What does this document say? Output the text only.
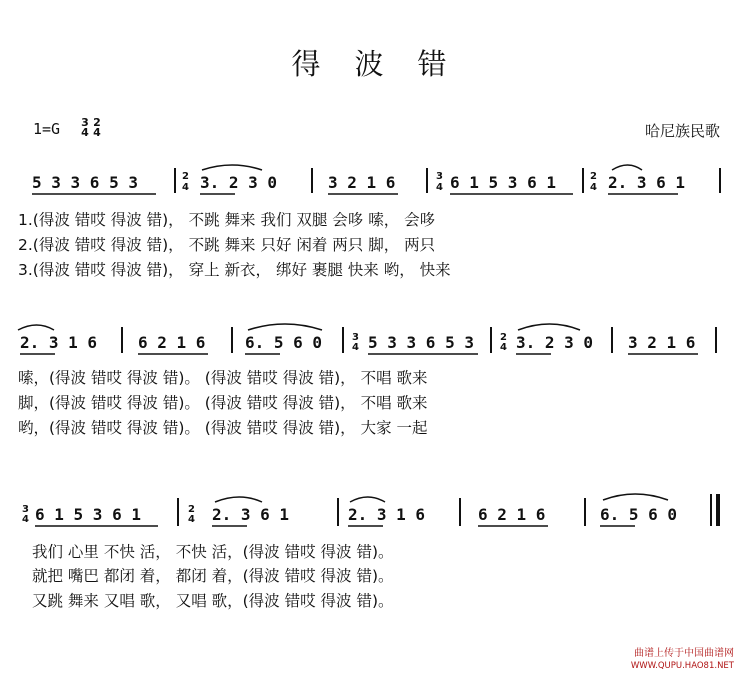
得波错
1=G 3
4
2
4	哈尼族民歌
5 3 3 6 5 3	3. 2 3 0	3 2 1 6	6 1 5 3 6 1	2. 3 6 1
2. 3 1 6	6 2 1 6 6. 5 6 0	5 3 3 6 5 3	3. 2 3 0 3 2 1 6
6 1 5 3 6 1	2. 3 6 1	2. 3 1 6	6 2 1 6	6. 5 6 0
2
4
3
4
2
4
3
4
2
4
3
4
2
4
1.(得波 错哎 得波 错)， 不跳 舞来 我们 双腿 会哆 嗦， 会哆
2.(得波 错哎 得波 错)， 不跳 舞来 只好 闲着 两只 脚， 两只
3.(得波 错哎 得波 错)， 穿上 新衣， 绑好 裹腿 快来 哟， 快来
嗦，(得波 错哎 得波 错)。 (得波 错哎 得波 错)， 不唱 歌来
脚，(得波 错哎 得波 错)。 (得波 错哎 得波 错)， 不唱 歌来
哟，(得波 错哎 得波 错)。 (得波 错哎 得波 错)， 大家 一起
我们 心里 不快 活， 不快 活，(得波 错哎 得波 错)。
就把 嘴巴 都闭 着， 都闭 着，(得波 错哎 得波 错)。
又跳 舞来 又唱 歌， 又唱 歌，(得波 错哎 得波 错)。
曲谱上传于中国曲谱网
WWW.QUPU.HAO81.NET
